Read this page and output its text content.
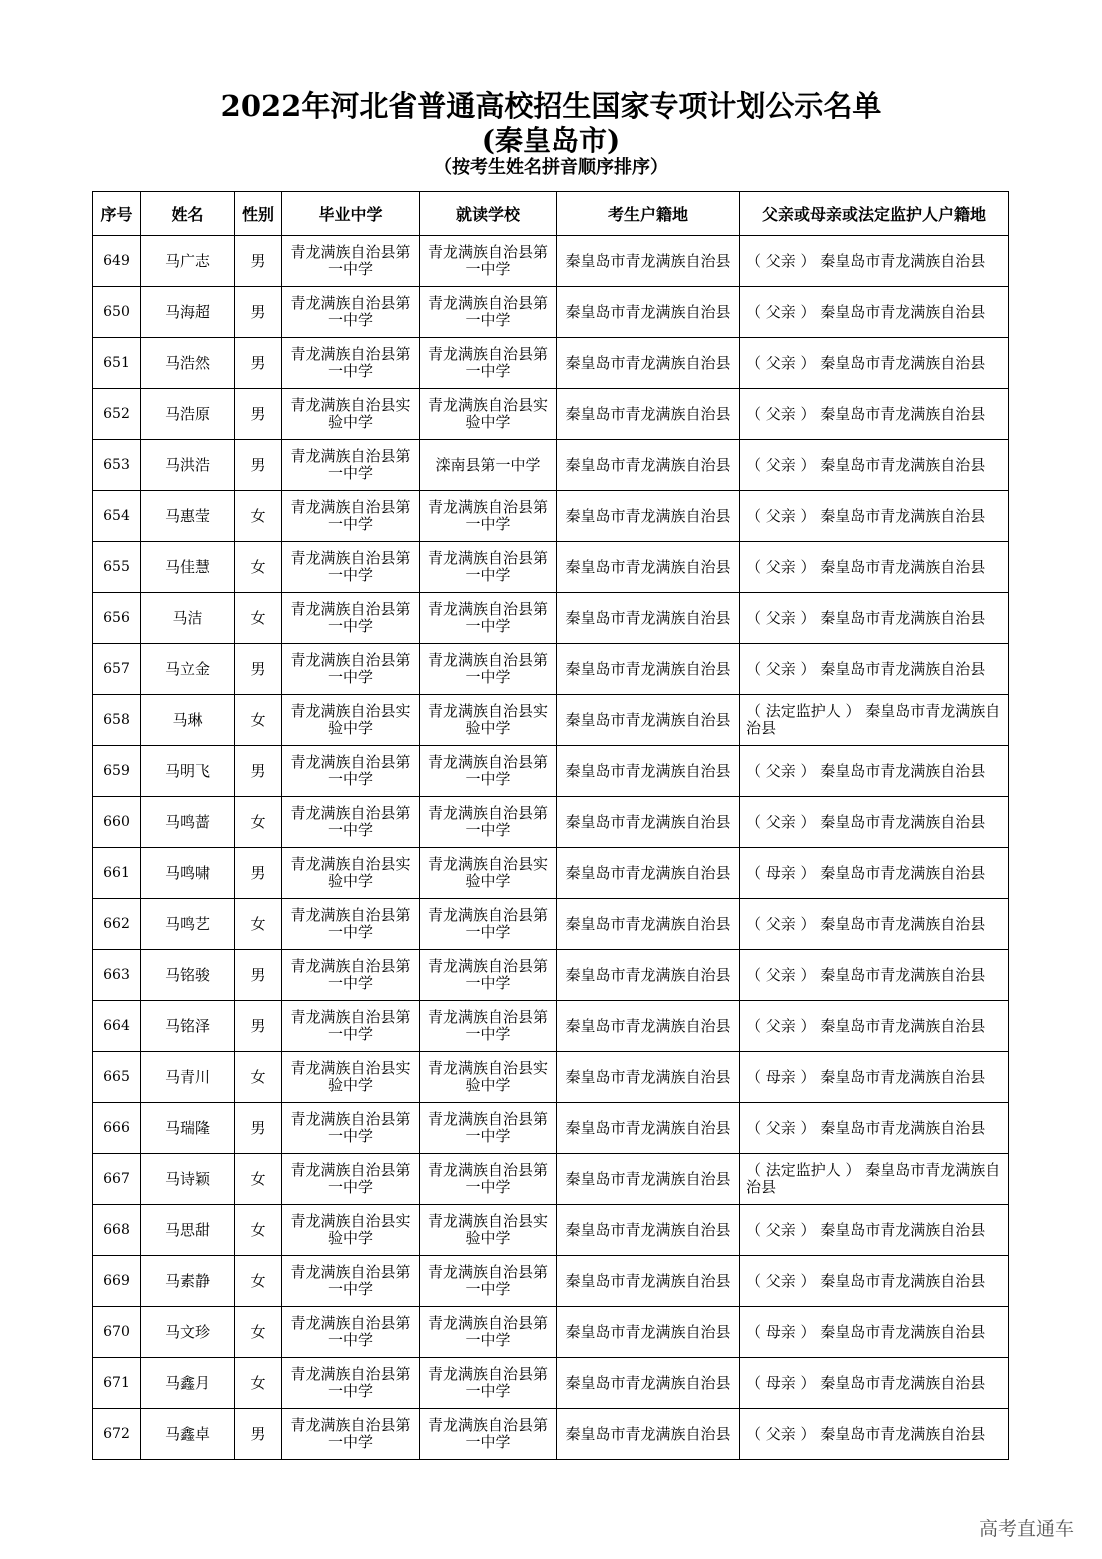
2022年河北省普通高校招生国家专项计划公示名单
(秦皇岛市)
（按考生姓名拼音顺序排序）
序号	姓名	性别	毕业中学	就读学校	考生户籍地	父亲或母亲或法定监护人户籍地
649	马广志	男	青龙满族自治县第一中学	青龙满族自治县第一中学	秦皇岛市青龙满族自治县	（ 父亲 ） 秦皇岛市青龙满族自治县
650	马海超	男	青龙满族自治县第一中学	青龙满族自治县第一中学	秦皇岛市青龙满族自治县	（ 父亲 ） 秦皇岛市青龙满族自治县
651	马浩然	男	青龙满族自治县第一中学	青龙满族自治县第一中学	秦皇岛市青龙满族自治县	（ 父亲 ） 秦皇岛市青龙满族自治县
652	马浩原	男	青龙满族自治县实验中学	青龙满族自治县实验中学	秦皇岛市青龙满族自治县	（ 父亲 ） 秦皇岛市青龙满族自治县
653	马洪浩	男	青龙满族自治县第一中学	滦南县第一中学	秦皇岛市青龙满族自治县	（ 父亲 ） 秦皇岛市青龙满族自治县
654	马惠莹	女	青龙满族自治县第一中学	青龙满族自治县第一中学	秦皇岛市青龙满族自治县	（ 父亲 ） 秦皇岛市青龙满族自治县
655	马佳慧	女	青龙满族自治县第一中学	青龙满族自治县第一中学	秦皇岛市青龙满族自治县	（ 父亲 ） 秦皇岛市青龙满族自治县
656	马洁	女	青龙满族自治县第一中学	青龙满族自治县第一中学	秦皇岛市青龙满族自治县	（ 父亲 ） 秦皇岛市青龙满族自治县
657	马立金	男	青龙满族自治县第一中学	青龙满族自治县第一中学	秦皇岛市青龙满族自治县	（ 父亲 ） 秦皇岛市青龙满族自治县
658	马琳	女	青龙满族自治县实验中学	青龙满族自治县实验中学	秦皇岛市青龙满族自治县	（ 法定监护人 ） 秦皇岛市青龙满族自治县
659	马明飞	男	青龙满族自治县第一中学	青龙满族自治县第一中学	秦皇岛市青龙满族自治县	（ 父亲 ） 秦皇岛市青龙满族自治县
660	马鸣蔷	女	青龙满族自治县第一中学	青龙满族自治县第一中学	秦皇岛市青龙满族自治县	（ 父亲 ） 秦皇岛市青龙满族自治县
661	马鸣啸	男	青龙满族自治县实验中学	青龙满族自治县实验中学	秦皇岛市青龙满族自治县	（ 母亲 ） 秦皇岛市青龙满族自治县
662	马鸣艺	女	青龙满族自治县第一中学	青龙满族自治县第一中学	秦皇岛市青龙满族自治县	（ 父亲 ） 秦皇岛市青龙满族自治县
663	马铭骏	男	青龙满族自治县第一中学	青龙满族自治县第一中学	秦皇岛市青龙满族自治县	（ 父亲 ） 秦皇岛市青龙满族自治县
664	马铭泽	男	青龙满族自治县第一中学	青龙满族自治县第一中学	秦皇岛市青龙满族自治县	（ 父亲 ） 秦皇岛市青龙满族自治县
665	马青川	女	青龙满族自治县实验中学	青龙满族自治县实验中学	秦皇岛市青龙满族自治县	（ 母亲 ） 秦皇岛市青龙满族自治县
666	马瑞隆	男	青龙满族自治县第一中学	青龙满族自治县第一中学	秦皇岛市青龙满族自治县	（ 父亲 ） 秦皇岛市青龙满族自治县
667	马诗颖	女	青龙满族自治县第一中学	青龙满族自治县第一中学	秦皇岛市青龙满族自治县	（ 法定监护人 ） 秦皇岛市青龙满族自治县
668	马思甜	女	青龙满族自治县实验中学	青龙满族自治县实验中学	秦皇岛市青龙满族自治县	（ 父亲 ） 秦皇岛市青龙满族自治县
669	马素静	女	青龙满族自治县第一中学	青龙满族自治县第一中学	秦皇岛市青龙满族自治县	（ 父亲 ） 秦皇岛市青龙满族自治县
670	马文珍	女	青龙满族自治县第一中学	青龙满族自治县第一中学	秦皇岛市青龙满族自治县	（ 母亲 ） 秦皇岛市青龙满族自治县
671	马鑫月	女	青龙满族自治县第一中学	青龙满族自治县第一中学	秦皇岛市青龙满族自治县	（ 母亲 ） 秦皇岛市青龙满族自治县
672	马鑫卓	男	青龙满族自治县第一中学	青龙满族自治县第一中学	秦皇岛市青龙满族自治县	（ 父亲 ） 秦皇岛市青龙满族自治县
高考直通车
